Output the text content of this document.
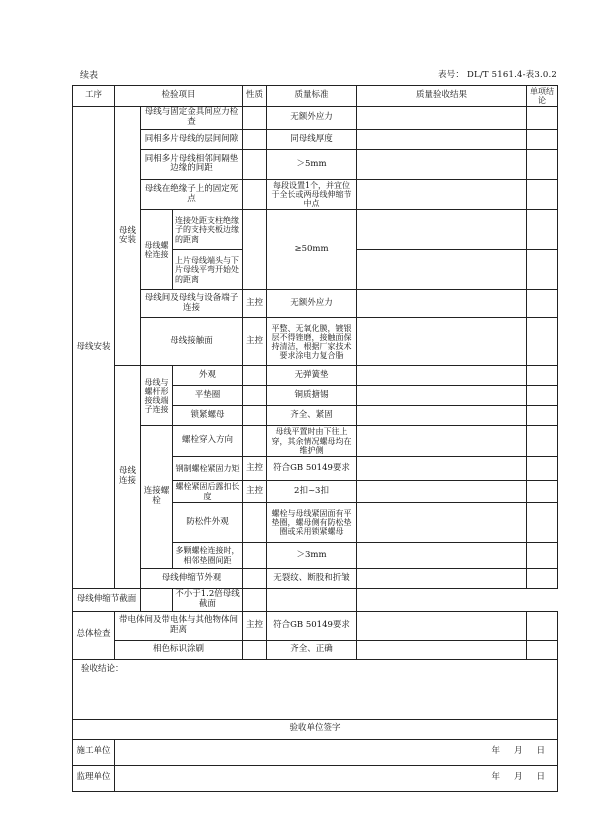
续表	表号： DL/T 5161.4-表3.0.2
工序	检验项目			性质	质量标准	质量验收结果	单项结论
母线安装	母线安装	母线与固定金具间应力检查			无额外应力		
		同相多片母线的层间间隙			同母线厚度		
		同相多片母线相邻间隔垫边缘的间距			＞5mm		
		母线在绝缘子上的固定死点			每段设置1个，并宜位于全长或两母线伸缩节中点		
		母线螺栓连接	连接处距支柱绝缘子的支持夹板边缘的距离		≥50mm		
			上片母线端头与下片母线平弯开始处的距离				
		母线间及母线与设备端子连接		主控	无额外应力		
		母线接触面		主控	平整、无氧化膜，镀银层不得锉磨，接触面保持清洁，根据厂家技术要求涂电力复合脂		
	母线连接	母线与螺杆形接线端子连接	外观		无弹簧垫		
			平垫圈		铜质搪锡		
			锁紧螺母		齐全、紧固		
		连接螺栓	螺栓穿入方向		母线平置时由下往上穿，其余情况螺母均在维护侧		
			钢制螺栓紧固力矩	主控	符合GB 50149要求		
			螺栓紧固后露扣长度	主控	2扣~3扣		
			防松件外观		螺栓与母线紧固面有平垫圈，螺母侧有防松垫圈或采用锁紧螺母		
			多颗螺栓连接时，相邻垫圈间距		＞3mm		
		母线伸缩节外观			无裂纹、断股和折皱		
母线伸缩节截面			不小于1.2倍母线截面				
总体检查	带电体间及带电体与其他物体间距离			主控	符合GB 50149要求		
	相色标识涂刷				齐全、正确		
验收结论：							
验收单位签字							
施工单位	年 月 日						
监理单位	年 月 日						
